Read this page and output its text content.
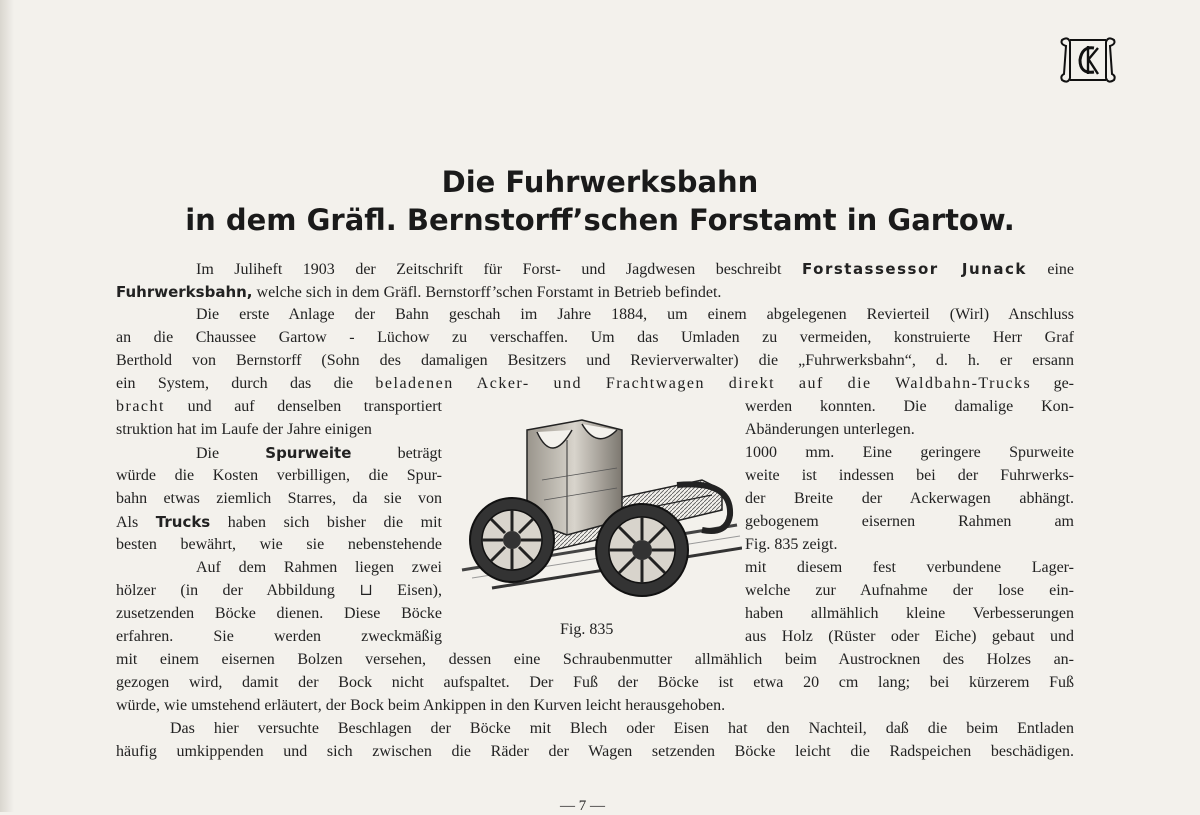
Die Fuhrwerksbahn
in dem Gräfl. Bernstorff’schen Forstamt in Gartow.

Im Juliheft 1903 der Zeitschrift für Forst- und Jagdwesen beschreibt Forstassessor Junack eine

Fuhrwerksbahn, welche sich in dem Gräfl. Bernstorff’schen Forstamt in Betrieb befindet.

Die erste Anlage der Bahn geschah im Jahre 1884, um einem abgelegenen Revierteil (Wirl) Anschluss

an die Chaussee Gartow - Lüchow zu verschaffen. Um das Umladen zu vermeiden, konstruierte Herr Graf

Berthold von Bernstorff (Sohn des damaligen Besitzers und Revierverwalter) die „Fuhrwerksbahn“, d. h. er ersann

ein System, durch das die beladenen Acker- und Frachtwagen direkt auf die Waldbahn-Trucks ge-

bracht und auf denselben transportiert	werden konnten. Die damalige Kon-

struktion hat im Laufe der Jahre einigen	Abänderungen unterlegen.

Die Spurweite beträgt	1000 mm. Eine geringere Spurweite

würde die Kosten verbilligen, die Spur-	weite ist indessen bei der Fuhrwerks-

bahn etwas ziemlich Starres, da sie von	der Breite der Ackerwagen abhängt.

Als Trucks haben sich bisher die mit	gebogenem eisernen Rahmen am

besten bewährt, wie sie nebenstehende	Fig. 835 zeigt.

Auf dem Rahmen liegen zwei	mit diesem fest verbundene Lager-

hölzer (in der Abbildung ⊔ Eisen),	welche zur Aufnahme der lose ein-

zusetzenden Böcke dienen. Diese Böcke	haben allmählich kleine Verbesserungen

erfahren. Sie werden zweckmäßig	aus Holz (Rüster oder Eiche) gebaut und

mit einem eisernen Bolzen versehen, dessen eine Schraubenmutter allmählich beim Austrocknen des Holzes an-

gezogen wird, damit der Bock nicht aufspaltet. Der Fuß der Böcke ist etwa 20 cm lang; bei kürzerem Fuß

würde, wie umstehend erläutert, der Bock beim Ankippen in den Kurven leicht herausgehoben.

Das hier versuchte Beschlagen der Böcke mit Blech oder Eisen hat den Nachteil, daß die beim Entladen

häufig umkippenden und sich zwischen die Räder der Wagen setzenden Böcke leicht die Radspeichen beschädigen.

Fig. 835

— 7 —
